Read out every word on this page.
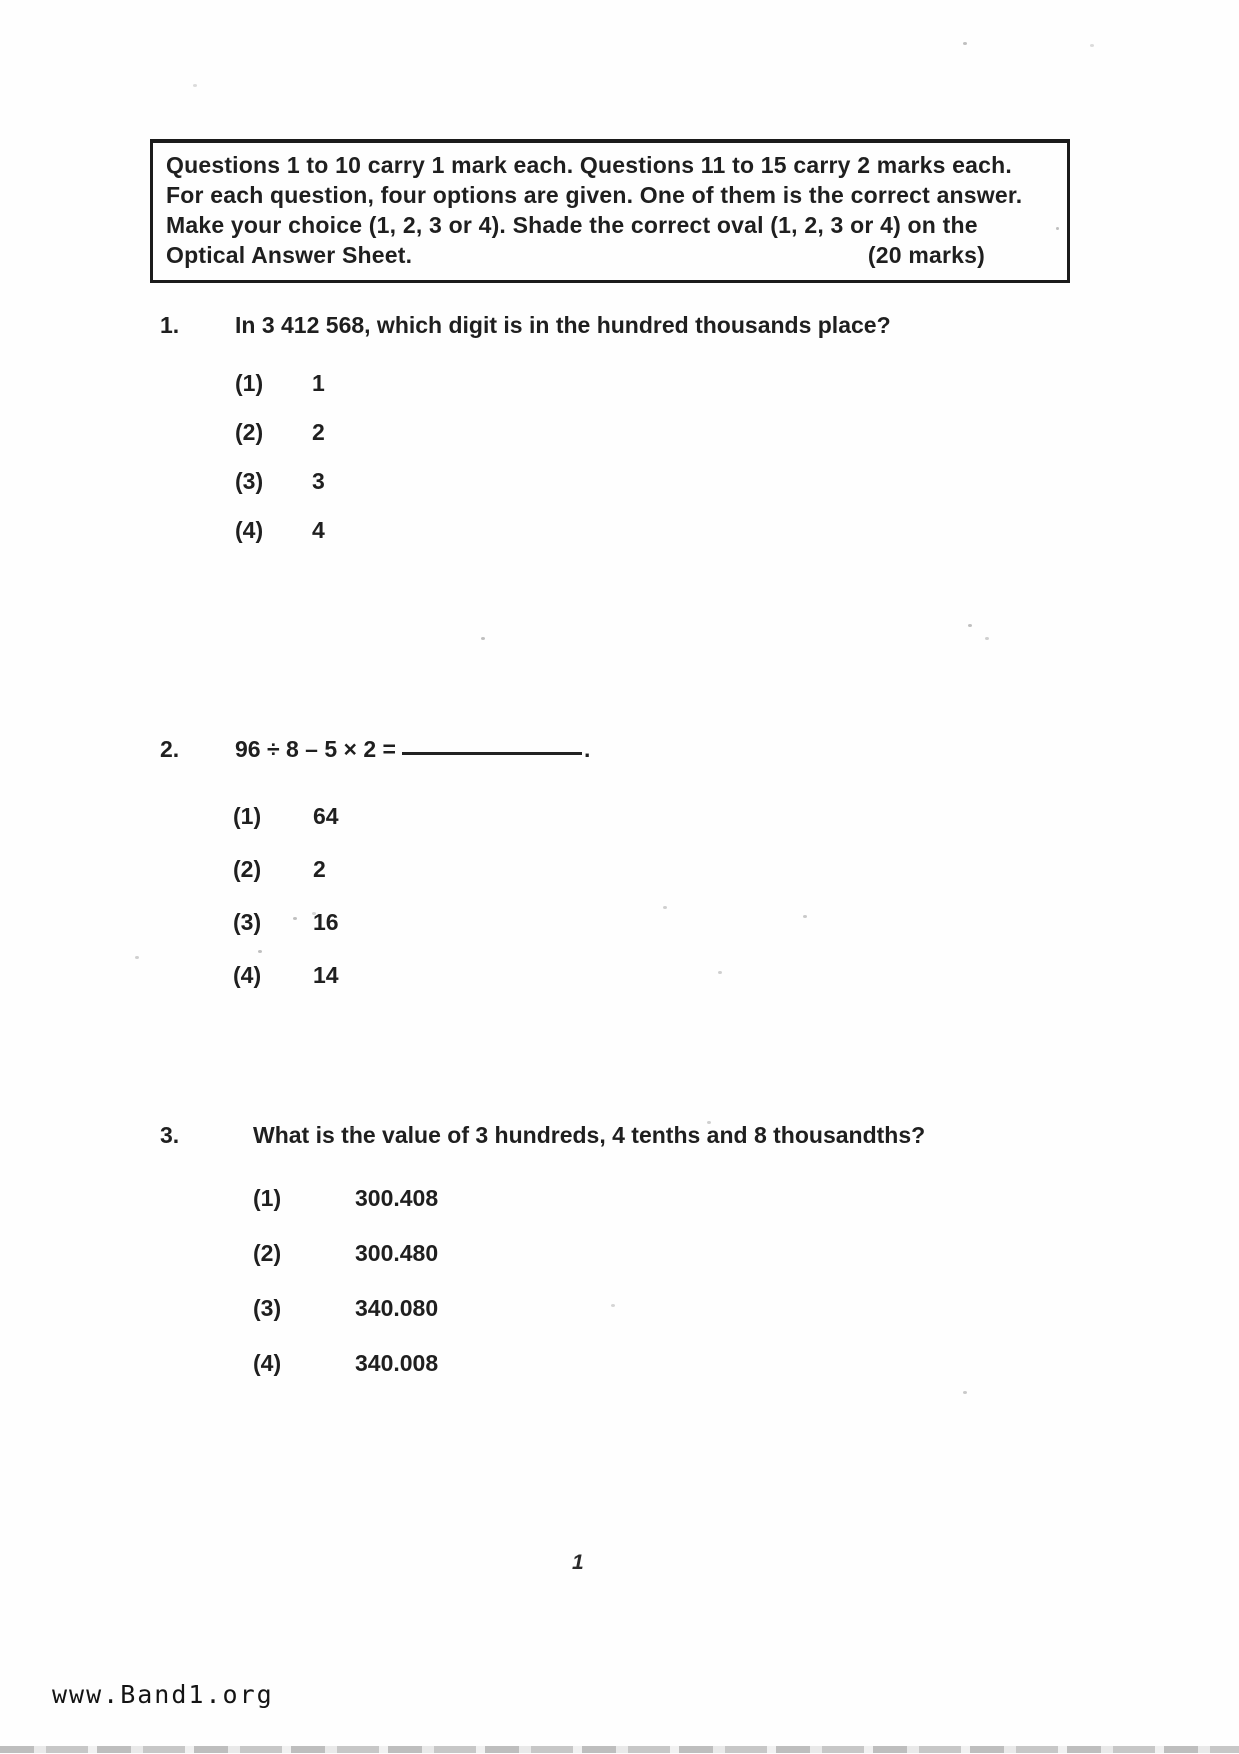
Questions 1 to 10 carry 1 mark each. Questions 11 to 15 carry 2 marks each.

For each question, four options are given. One of them is the correct answer.

Make your choice (1, 2, 3 or 4). Shade the correct oval (1, 2, 3 or 4) on the

Optical Answer Sheet.	(20 marks)

1.	In 3 412 568, which digit is in the hundred thousands place?
(1)	1
(2)	2
(3)	3
(4)	4
2.	96 ÷ 8 – 5 × 2 =	.
(1)	64
(2)	2
(3)	16
(4)	14
3.	What is the value of 3 hundreds, 4 tenths and 8 thousandths?
(1)	300.408
(2)	300.480
(3)	340.080
(4)	340.008
1
www.Band1.org
